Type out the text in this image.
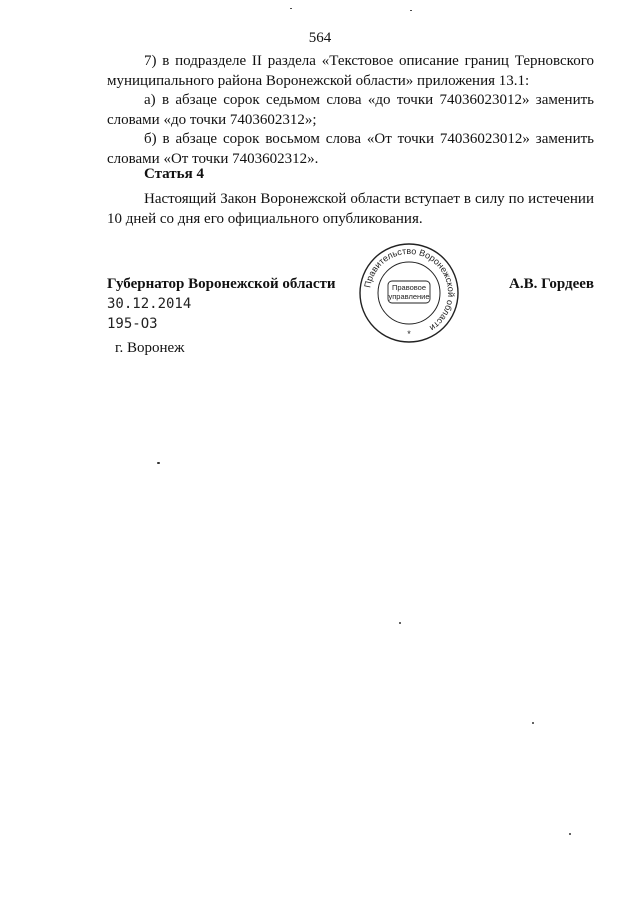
564

7) в подразделе II раздела «Текстовое описание границ Терновского муниципального района Воронежской области» приложения 13.1:

а) в абзаце сорок седьмом слова «до точки 74036023012» заменить словами «до точки 7403602312»;

б) в абзаце сорок восьмом слова «От точки 74036023012» заменить словами «От точки 7403602312».

Статья 4

Настоящий Закон Воронежской области вступает в силу по истечении 10 дней со дня его официального опубликования.

Губернатор Воронежской области	А.В. Гордеев
30.12.2014
195-ОЗ
г. Воронеж
Правительство Воронежской области
Правовое
управление
*
